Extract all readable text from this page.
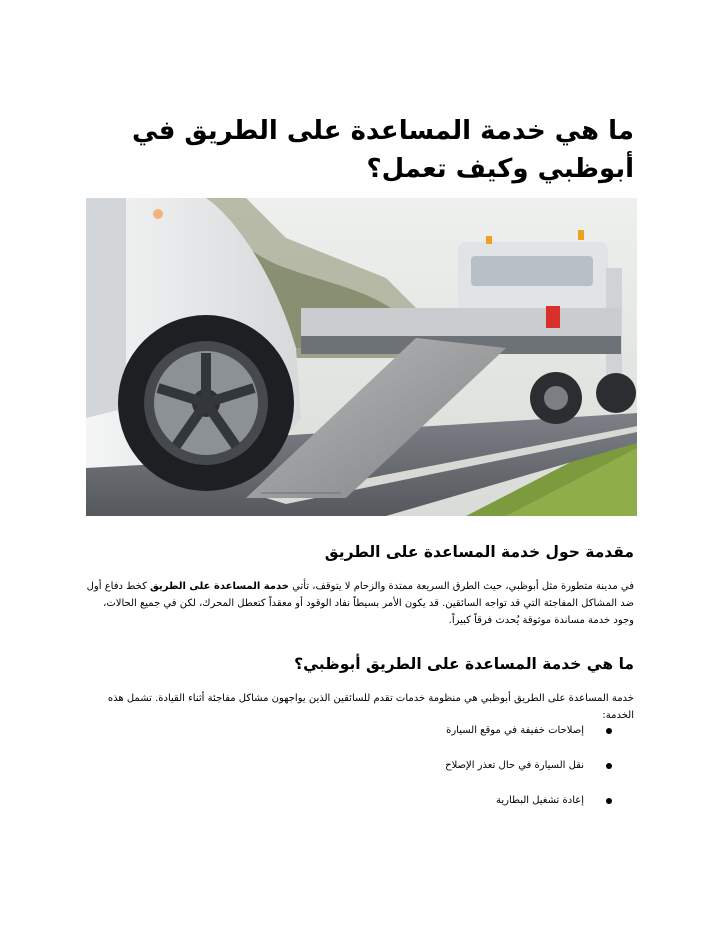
ما هي خدمة المساعدة على الطريق في أبوظبي وكيف تعمل؟
مقدمة حول خدمة المساعدة على الطريق

في مدينة متطورة مثل أبوظبي، حيث الطرق السريعة ممتدة والزحام لا يتوقف، تأتي خدمة المساعدة على الطريق كخط دفاع أول ضد المشاكل المفاجئة التي قد تواجه السائقين. قد يكون الأمر بسيطاً نفاد الوقود أو معقداً كتعطل المحرك، لكن في جميع الحالات، وجود خدمة مساندة موثوقة يُحدث فرقاً كبيراً.

ما هي خدمة المساعدة على الطريق أبوظبي؟

خدمة المساعدة على الطريق أبوظبي هي منظومة خدمات تقدم للسائقين الذين يواجهون مشاكل مفاجئة أثناء القيادة. تشمل هذه الخدمة:

إصلاحات خفيفة في موقع السيارة
نقل السيارة في حال تعذر الإصلاح
إعادة تشغيل البطارية
